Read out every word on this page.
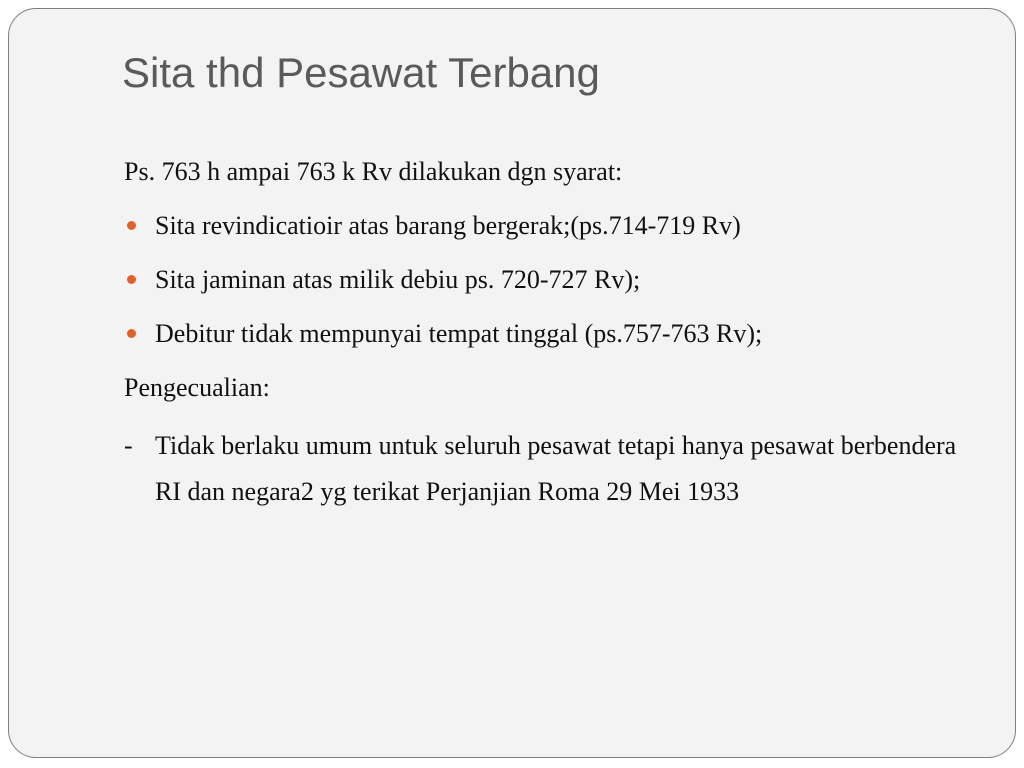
Sita thd Pesawat Terbang

Ps. 763 h ampai 763 k Rv dilakukan dgn syarat:

Sita revindicatioir atas barang bergerak;(ps.714-719 Rv)

Sita jaminan atas milik debiu ps. 720-727 Rv);

Debitur tidak mempunyai tempat tinggal (ps.757-763 Rv);

Pengecualian:

- Tidak berlaku umum untuk seluruh pesawat tetapi hanya pesawat berbendera RI dan negara2 yg terikat Perjanjian Roma 29 Mei 1933
